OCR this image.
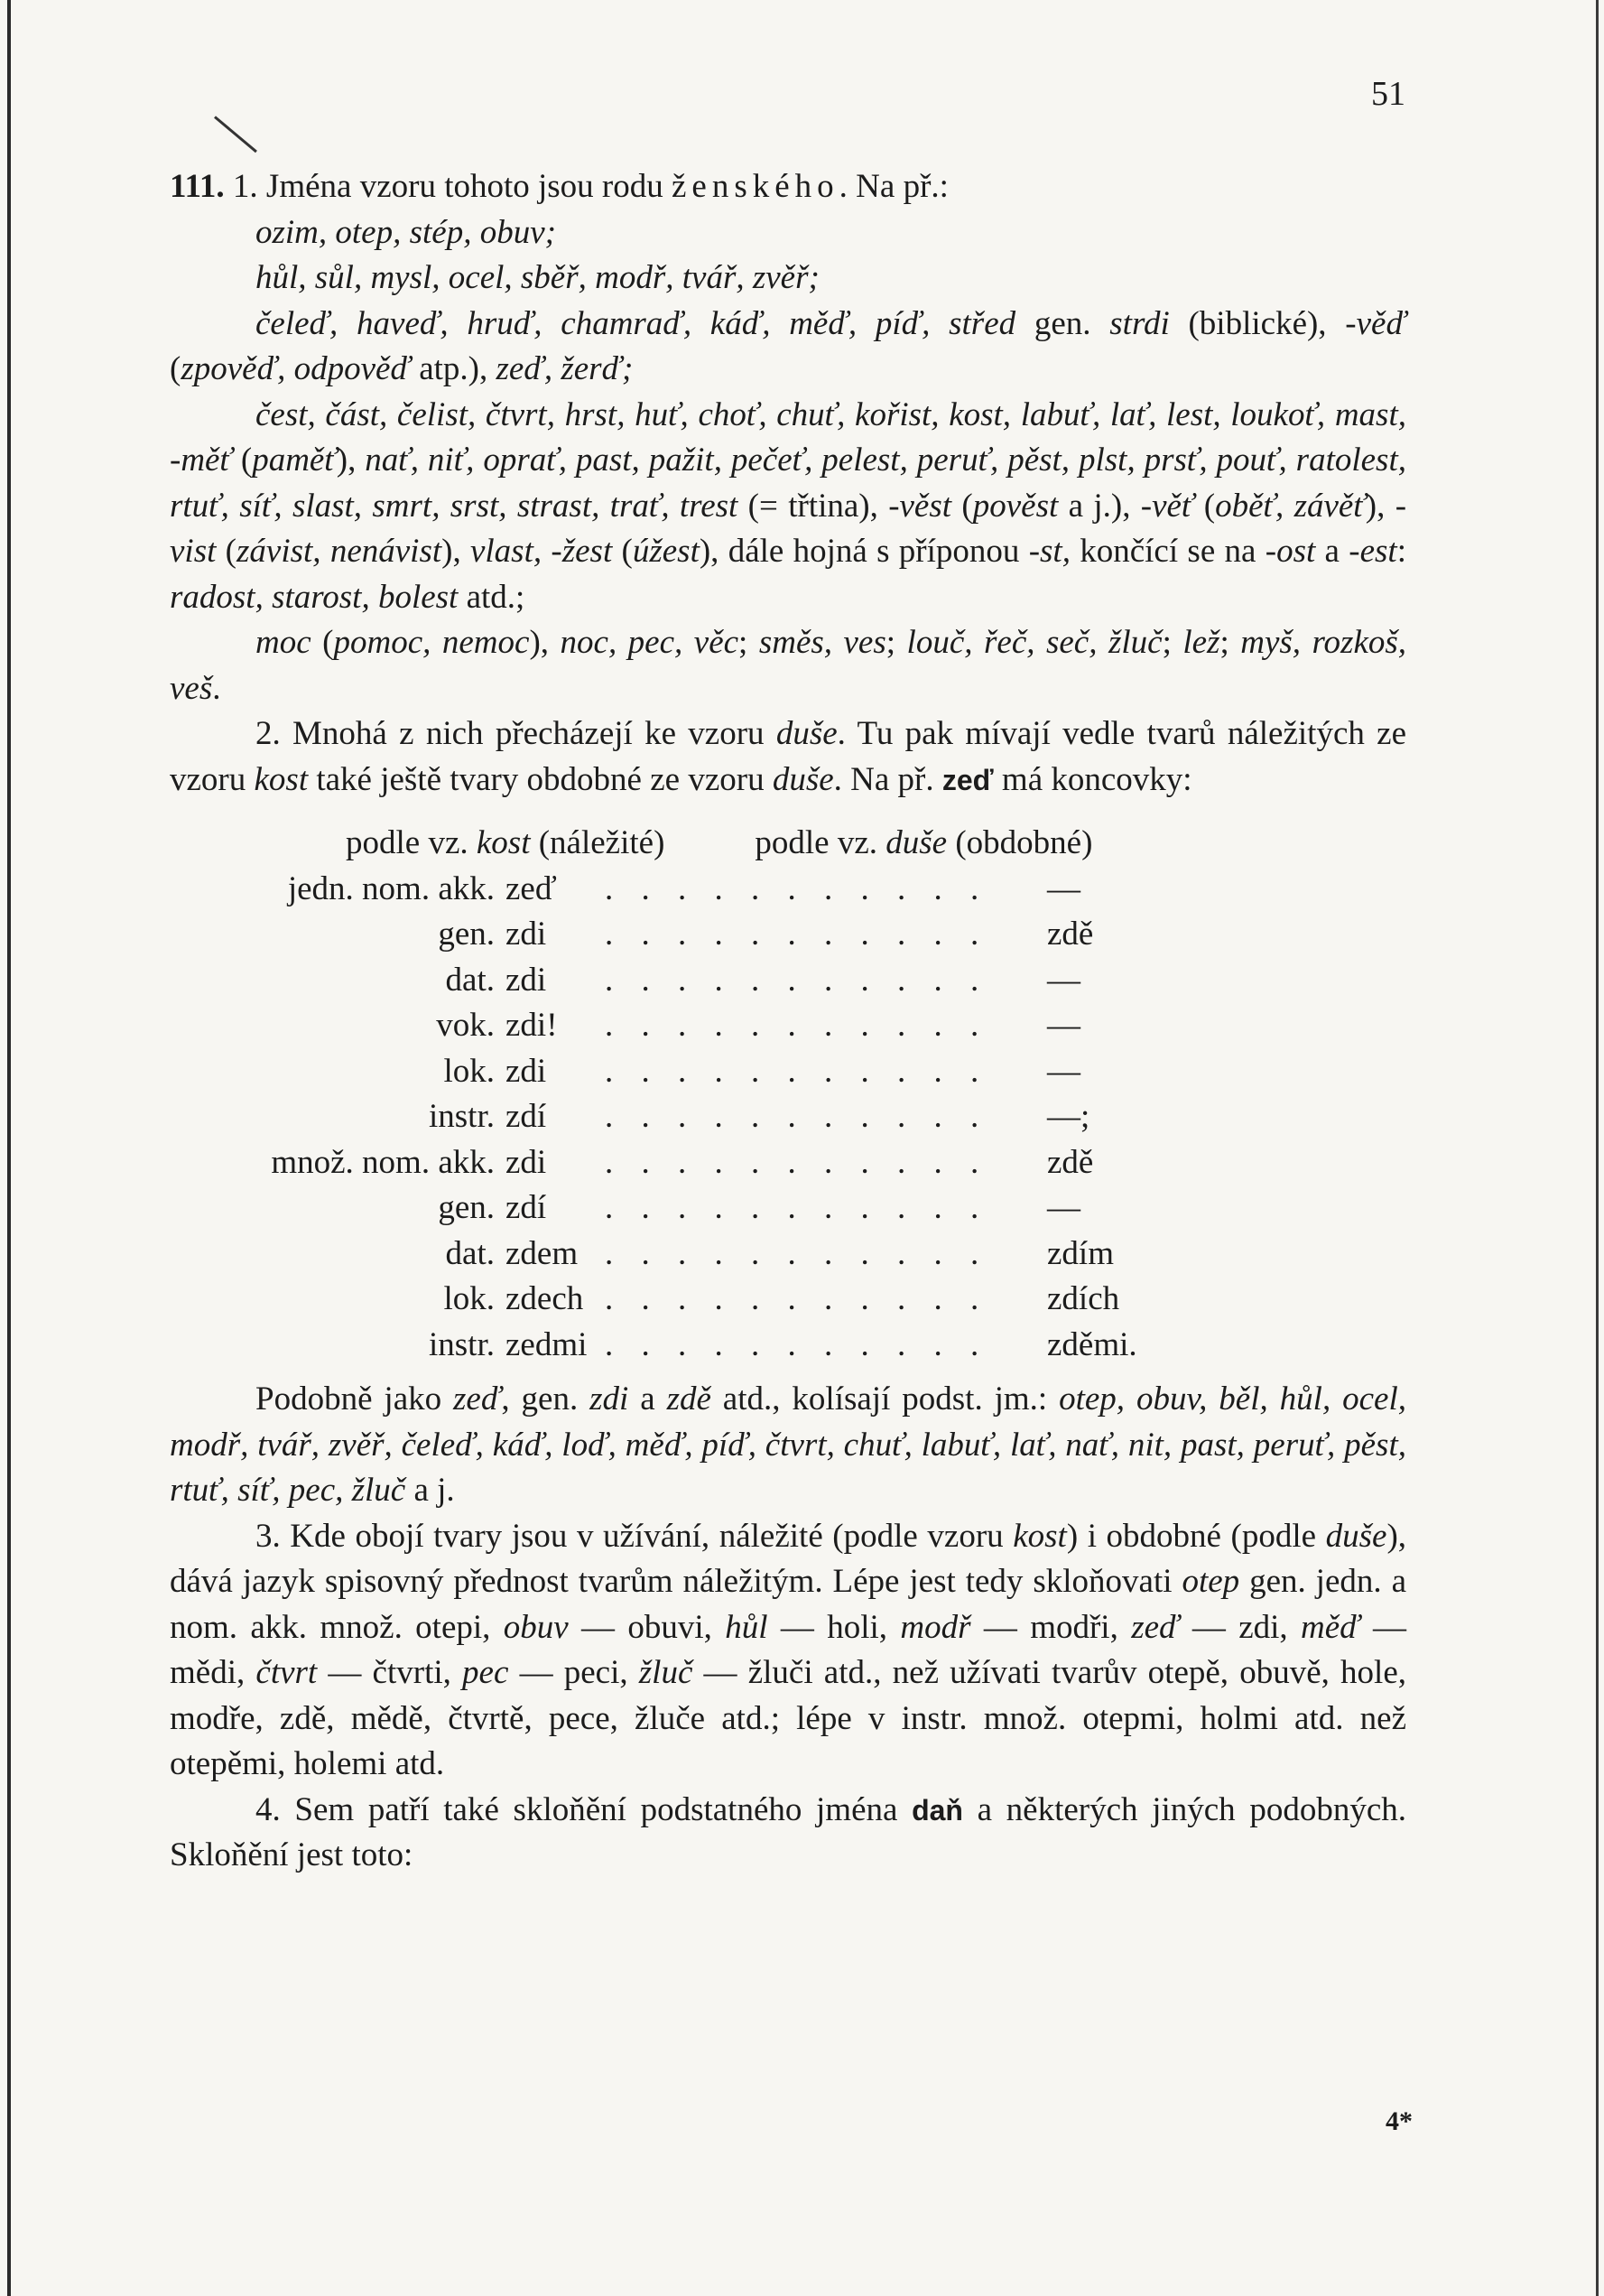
51

111. 1. Jména vzoru tohoto jsou rodu ženského. Na př.:

ozim, otep, stép, obuv;

hůl, sůl, mysl, ocel, sběř, modř, tvář, zvěř;

čeleď, haveď, hruď, chamraď, káď, měď, píď, střed gen. strdi (biblické), -věď (zpověď, odpověď atp.), zeď, žerď;

čest, část, čelist, čtvrt, hrst, huť, choť, chuť, kořist, kost, labuť, lať, lest, loukoť, mast, -měť (paměť), nať, niť, oprať, past, pažit, pečeť, pelest, peruť, pěst, plst, prsť, pouť, ratolest, rtuť, síť, slast, smrt, srst, strast, trať, trest (= třtina), -věst (pověst a j.), -věť (oběť, závěť), -vist (závist, nenávist), vlast, -žest (úžest), dále hojná s příponou -st, končící se na -ost a -est: radost, starost, bolest atd.;

moc (pomoc, nemoc), noc, pec, věc; směs, ves; louč, řeč, seč, žluč; lež; myš, rozkoš, veš.

2. Mnohá z nich přecházejí ke vzoru duše. Tu pak mívají vedle tvarů náležitých ze vzoru kost také ještě tvary obdobné ze vzoru duše. Na př. zeď má koncovky:

podle vz. kost (náležité)	podle vz. duše (obdobné)
jedn. nom. akk. zeď	. . . . . . . . . . .	—
gen. zdi	. . . . . . . . . . .	zdě
dat. zdi	. . . . . . . . . . .	—
vok. zdi!	. . . . . . . . . . .	—
lok. zdi	. . . . . . . . . . .	—
instr. zdí	. . . . . . . . . . .	—;
množ. nom. akk. zdi	. . . . . . . . . . .	zdě
gen. zdí	. . . . . . . . . . .	—
dat. zdem . . . . . . . . . . .	zdím
lok. zdech . . . . . . . . . . .	zdích
instr. zedmi . . . . . . . . . . .	zděmi.

Podobně jako zeď, gen. zdi a zdě atd., kolísají podst. jm.: otep, obuv, běl, hůl, ocel, modř, tvář, zvěř, čeleď, káď, loď, měď, píď, čtvrt, chuť, labuť, lať, nať, nit, past, peruť, pěst, rtuť, síť, pec, žluč a j.

3. Kde obojí tvary jsou v užívání, náležité (podle vzoru kost) i obdobné (podle duše), dává jazyk spisovný přednost tvarům náležitým. Lépe jest tedy skloňovati otep gen. jedn. a nom. akk. množ. otepi, obuv — obuvi, hůl — holi, modř — modři, zeď — zdi, měď — mědi, čtvrt — čtvrti, pec — peci, žluč — žluči atd., než užívati tvarův otepě, obuvě, hole, modře, zdě, mědě, čtvrtě, pece, žluče atd.; lépe v instr. množ. otepmi, holmi atd. než otepěmi, holemi atd.

4. Sem patří také skloňění podstatného jména daň a některých jiných podobných. Skloňění jest toto:

4*
